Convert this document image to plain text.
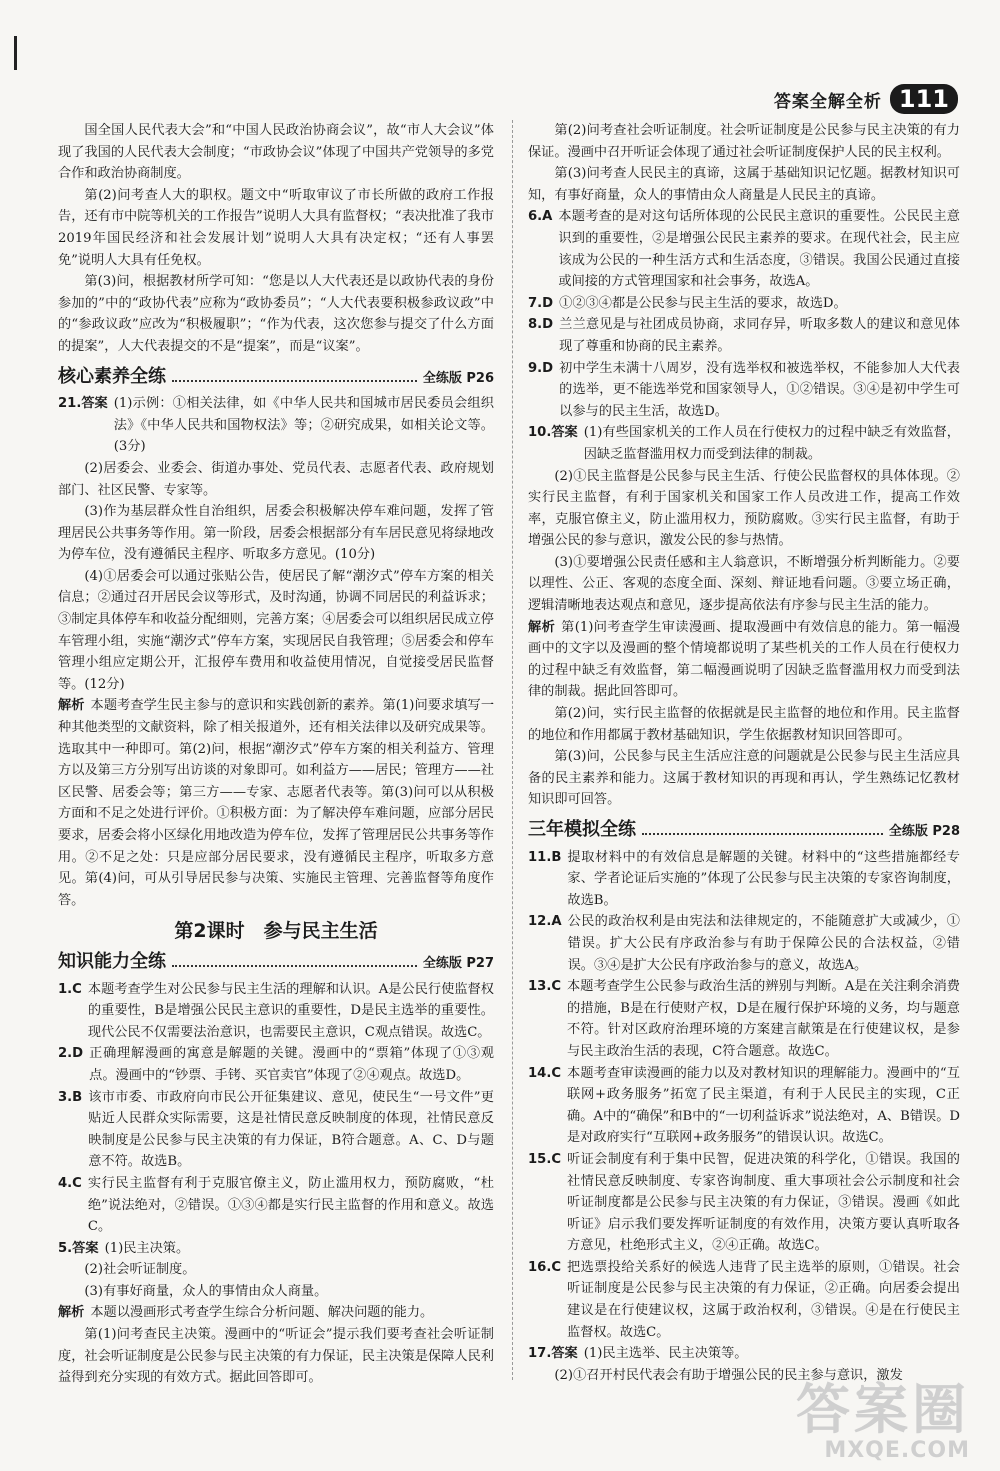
答案全解全析 111

国全国人民代表大会”和“中国人民政治协商会议”，故“市人大会议”体现了我国的人民代表大会制度；“市政协会议”体现了中国共产党领导的多党合作和政治协商制度。

第(2)问考查人大的职权。题文中“听取审议了市长所做的政府工作报告，还有市中院等机关的工作报告”说明人大具有监督权；“表决批准了我市2019年国民经济和社会发展计划”说明人大具有决定权；“还有人事罢免”说明人大具有任免权。

第(3)问，根据教材所学可知：“您是以人大代表还是以政协代表的身份参加的”中的“政协代表”应称为“政协委员”；“人大代表要积极参政议政”中的“参政议政”应改为“积极履职”；“作为代表，这次您参与提交了什么方面的提案”，人大代表提交的不是“提案”，而是“议案”。

核心素养全练	全练版 P26
21.答案 (1)示例：①相关法律，如《中华人民共和国城市居民委员会组织法》《中华人民共和国物权法》等；②研究成果，如相关论文等。(3分)

(2)居委会、业委会、街道办事处、党员代表、志愿者代表、政府规划部门、社区民警、专家等。

(3)作为基层群众性自治组织，居委会积极解决停车难问题，发挥了管理居民公共事务等作用。第一阶段，居委会根据部分有车居民意见将绿地改为停车位，没有遵循民主程序、听取多方意见。(10分)

(4)①居委会可以通过张贴公告，使居民了解“潮汐式”停车方案的相关信息；②通过召开居民会议等形式，及时沟通，协调不同居民的利益诉求；③制定具体停车和收益分配细则，完善方案；④居委会可以组织居民成立停车管理小组，实施“潮汐式”停车方案，实现居民自我管理；⑤居委会和停车管理小组应定期公开，汇报停车费用和收益使用情况，自觉接受居民监督等。(12分)

解析 本题考查学生民主参与的意识和实践创新的素养。第(1)问要求填写一种其他类型的文献资料，除了相关报道外，还有相关法律以及研究成果等。选取其中一种即可。第(2)问，根据“潮汐式”停车方案的相关利益方、管理方以及第三方分别写出访谈的对象即可。如利益方——居民；管理方——社区民警、居委会等；第三方——专家、志愿者代表等。第(3)问可以从积极方面和不足之处进行评价。①积极方面：为了解决停车难问题，应部分居民要求，居委会将小区绿化用地改造为停车位，发挥了管理居民公共事务等作用。②不足之处：只是应部分居民要求，没有遵循民主程序，听取多方意见。第(4)问，可从引导居民参与决策、实施民主管理、完善监督等角度作答。

第2课时　参与民主生活
知识能力全练	全练版 P27
1.C 本题考查学生对公民参与民主生活的理解和认识。A是公民行使监督权的重要性，B是增强公民民主意识的重要性，D是民主选举的重要性。现代公民不仅需要法治意识，也需要民主意识，C观点错误。故选C。
2.D 正确理解漫画的寓意是解题的关键。漫画中的“票箱”体现了①③观点。漫画中的“钞票、手铐、买官卖官”体现了②④观点。故选D。
3.B 该市市委、市政府向市民公开征集建议、意见，使民生“一号文件”更贴近人民群众实际需要，这是社情民意反映制度的体现，社情民意反映制度是公民参与民主决策的有力保证，B符合题意。A、C、D与题意不符。故选B。
4.C 实行民主监督有利于克服官僚主义，防止滥用权力，预防腐败，“杜绝”说法绝对，②错误。①③④都是实行民主监督的作用和意义。故选C。
5.答案 (1)民主决策。

(2)社会听证制度。

(3)有事好商量，众人的事情由众人商量。

解析 本题以漫画形式考查学生综合分析问题、解决问题的能力。

第(1)问考查民主决策。漫画中的“听证会”提示我们要考查社会听证制度，社会听证制度是公民参与民主决策的有力保证，民主决策是保障人民利益得到充分实现的有效方式。据此回答即可。

第(2)问考查社会听证制度。社会听证制度是公民参与民主决策的有力保证。漫画中召开听证会体现了通过社会听证制度保护人民的民主权利。

第(3)问考查人民民主的真谛，这属于基础知识记忆题。据教材知识可知，有事好商量，众人的事情由众人商量是人民民主的真谛。

6.A 本题考查的是对这句话所体现的公民民主意识的重要性。公民民主意识到的重要性，②是增强公民民主素养的要求。在现代社会，民主应该成为公民的一种生活方式和生活态度，③错误。我国公民通过直接或间接的方式管理国家和社会事务，故选A。
7.D ①②③④都是公民参与民主生活的要求，故选D。
8.D 兰兰意见是与社团成员协商，求同存异，听取多数人的建议和意见体现了尊重和协商的民主素养。
9.D 初中学生未满十八周岁，没有选举权和被选举权，不能参加人大代表的选举，更不能选举党和国家领导人，①②错误。③④是初中学生可以参与的民主生活，故选D。
10.答案 (1)有些国家机关的工作人员在行使权力的过程中缺乏有效监督，因缺乏监督滥用权力而受到法律的制裁。

(2)①民主监督是公民参与民主生活、行使公民监督权的具体体现。②实行民主监督，有利于国家机关和国家工作人员改进工作，提高工作效率，克服官僚主义，防止滥用权力，预防腐败。③实行民主监督，有助于增强公民的参与意识，激发公民的参与热情。

(3)①要增强公民责任感和主人翁意识，不断增强分析判断能力。②要以理性、公正、客观的态度全面、深刻、辩证地看问题。③要立场正确，逻辑清晰地表达观点和意见，逐步提高依法有序参与民主生活的能力。

解析 第(1)问考查学生审读漫画、提取漫画中有效信息的能力。第一幅漫画中的文字以及漫画的整个情境都说明了某些机关的工作人员在行使权力的过程中缺乏有效监督，第二幅漫画说明了因缺乏监督滥用权力而受到法律的制裁。据此回答即可。

第(2)问，实行民主监督的依据就是民主监督的地位和作用。民主监督的地位和作用都属于教材基础知识，学生依据教材知识回答即可。

第(3)问，公民参与民主生活应注意的问题就是公民参与民主生活应具备的民主素养和能力。这属于教材知识的再现和再认，学生熟练记忆教材知识即可回答。

三年模拟全练	全练版 P28
11.B 提取材料中的有效信息是解题的关键。材料中的“这些措施都经专家、学者论证后实施的”体现了公民参与民主决策的专家咨询制度，故选B。
12.A 公民的政治权利是由宪法和法律规定的，不能随意扩大或减少，①错误。扩大公民有序政治参与有助于保障公民的合法权益，②错误。③④是扩大公民有序政治参与的意义，故选A。
13.C 本题考查学生公民参与政治生活的辨别与判断。A是在关注剩余消费的措施，B是在行使财产权，D是在履行保护环境的义务，均与题意不符。针对区政府治理环境的方案建言献策是在行使建议权，是参与民主政治生活的表现，C符合题意。故选C。
14.C 本题考查审读漫画的能力以及对教材知识的理解能力。漫画中的“互联网+政务服务”拓宽了民主渠道，有利于人民民主的实现，C正确。A中的“确保”和B中的“一切利益诉求”说法绝对，A、B错误。D是对政府实行“互联网+政务服务”的错误认识。故选C。
15.C 听证会制度有利于集中民智，促进决策的科学化，①错误。我国的社情民意反映制度、专家咨询制度、重大事项社会公示制度和社会听证制度都是公民参与民主决策的有力保证，③错误。漫画《如此听证》启示我们要发挥听证制度的有效作用，决策方要认真听取各方意见，杜绝形式主义，②④正确。故选C。
16.C 把选票投给关系好的候选人违背了民主选举的原则，①错误。社会听证制度是公民参与民主决策的有力保证，②正确。向居委会提出建议是在行使建议权，这属于政治权利，③错误。④是在行使民主监督权。故选C。
17.答案 (1)民主选举、民主决策等。

(2)①召开村民代表会有助于增强公民的民主参与意识，激发

答案圈
MXQE.COM
